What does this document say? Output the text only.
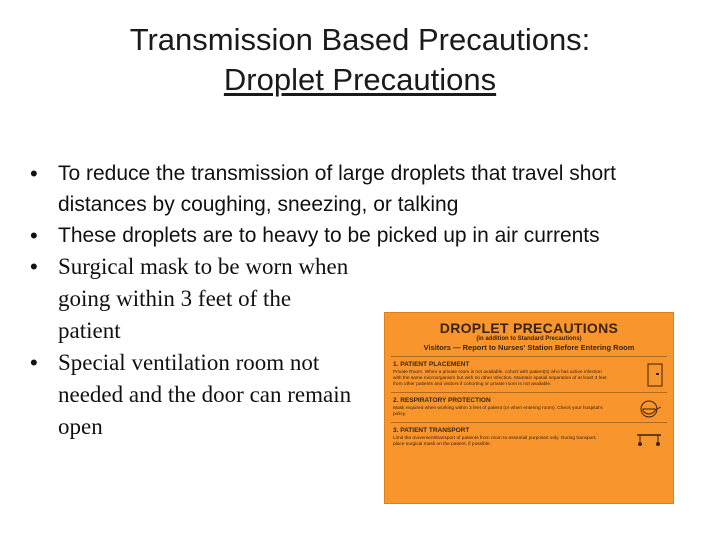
Transmission Based Precautions:
Droplet Precautions
• To reduce the transmission of large droplets that travel short distances by coughing, sneezing, or talking
• These droplets are to heavy to be picked up in air currents
• Surgical mask to be worn when going within 3 feet of the patient
• Special ventilation room not needed and the door can remain open
DROPLET PRECAUTIONS
(in addition to Standard Precautions)
Visitors — Report to Nurses' Station Before Entering Room
1. PATIENT PLACEMENT
Private Room. When a private room is not available, cohort with patient(s) who has active infection with the same microorganism but with no other infection. Maintain spatial separation of at least 3 feet from other patients and visitors if cohorting or private room is not available.
2. RESPIRATORY PROTECTION
Mask required when working within 3 feet of patient (or when entering room). Check your hospital's policy.
3. PATIENT TRANSPORT
Limit the movement/transport of patients from room to essential purposes only. During transport, place surgical mask on the patient, if possible.
